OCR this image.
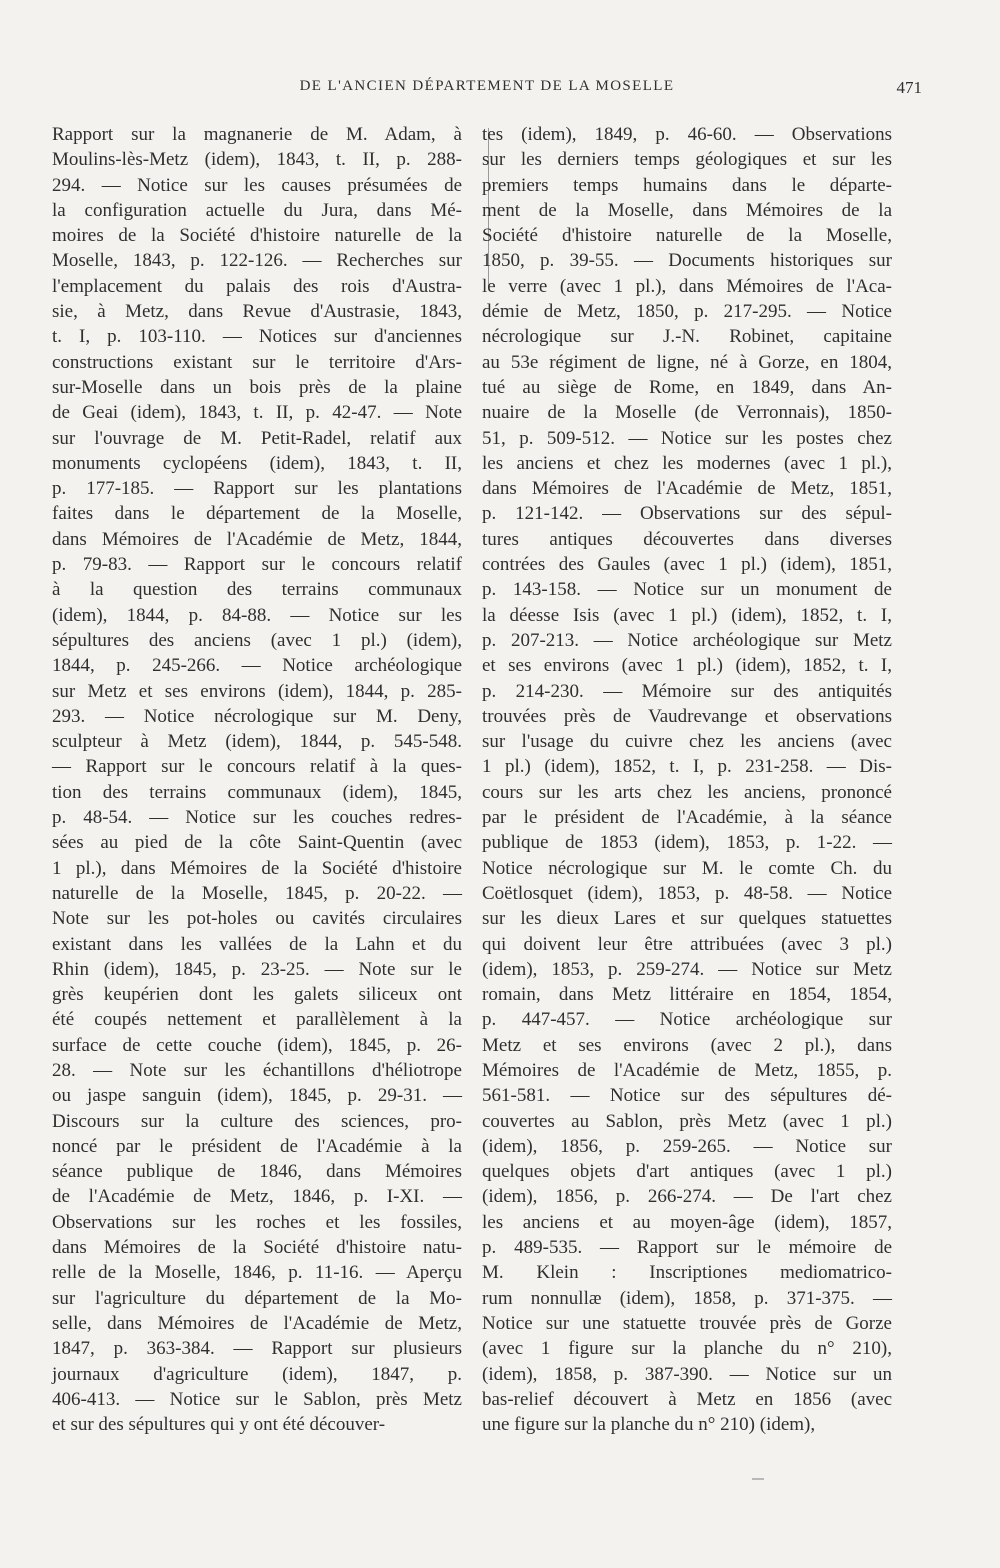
DE L'ANCIEN DÉPARTEMENT DE LA MOSELLE	471
Rapport sur la magnanerie de M. Adam, à
Moulins-lès-Metz (idem), 1843, t. II, p. 288-
294. — Notice sur les causes présumées de
la configuration actuelle du Jura, dans Mé-
moires de la Société d'histoire naturelle de la
Moselle, 1843, p. 122-126. — Recherches sur
l'emplacement du palais des rois d'Austra-
sie, à Metz, dans Revue d'Austrasie, 1843,
t. I, p. 103-110. — Notices sur d'anciennes
constructions existant sur le territoire d'Ars-
sur-Moselle dans un bois près de la plaine
de Geai (idem), 1843, t. II, p. 42-47. — Note
sur l'ouvrage de M. Petit-Radel, relatif aux
monuments cyclopéens (idem), 1843, t. II,
p. 177-185. — Rapport sur les plantations
faites dans le département de la Moselle,
dans Mémoires de l'Académie de Metz, 1844,
p. 79-83. — Rapport sur le concours relatif
à la question des terrains communaux
(idem), 1844, p. 84-88. — Notice sur les
sépultures des anciens (avec 1 pl.) (idem),
1844, p. 245-266. — Notice archéologique
sur Metz et ses environs (idem), 1844, p. 285-
293. — Notice nécrologique sur M. Deny,
sculpteur à Metz (idem), 1844, p. 545-548.
— Rapport sur le concours relatif à la ques-
tion des terrains communaux (idem), 1845,
p. 48-54. — Notice sur les couches redres-
sées au pied de la côte Saint-Quentin (avec
1 pl.), dans Mémoires de la Société d'histoire
naturelle de la Moselle, 1845, p. 20-22. —
Note sur les pot-holes ou cavités circulaires
existant dans les vallées de la Lahn et du
Rhin (idem), 1845, p. 23-25. — Note sur le
grès keupérien dont les galets siliceux ont
été coupés nettement et parallèlement à la
surface de cette couche (idem), 1845, p. 26-
28. — Note sur les échantillons d'héliotrope
ou jaspe sanguin (idem), 1845, p. 29-31. —
Discours sur la culture des sciences, pro-
noncé par le président de l'Académie à la
séance publique de 1846, dans Mémoires
de l'Académie de Metz, 1846, p. I-XI. —
Observations sur les roches et les fossiles,
dans Mémoires de la Société d'histoire natu-
relle de la Moselle, 1846, p. 11-16. — Aperçu
sur l'agriculture du département de la Mo-
selle, dans Mémoires de l'Académie de Metz,
1847, p. 363-384. — Rapport sur plusieurs
journaux d'agriculture (idem), 1847, p.
406-413. — Notice sur le Sablon, près Metz
et sur des sépultures qui y ont été découver-
tes (idem), 1849, p. 46-60. — Observations
sur les derniers temps géologiques et sur les
premiers temps humains dans le départe-
ment de la Moselle, dans Mémoires de la
Société d'histoire naturelle de la Moselle,
1850, p. 39-55. — Documents historiques sur
le verre (avec 1 pl.), dans Mémoires de l'Aca-
démie de Metz, 1850, p. 217-295. — Notice
nécrologique sur J.-N. Robinet, capitaine
au 53e régiment de ligne, né à Gorze, en 1804,
tué au siège de Rome, en 1849, dans An-
nuaire de la Moselle (de Verronnais), 1850-
51, p. 509-512. — Notice sur les postes chez
les anciens et chez les modernes (avec 1 pl.),
dans Mémoires de l'Académie de Metz, 1851,
p. 121-142. — Observations sur des sépul-
tures antiques découvertes dans diverses
contrées des Gaules (avec 1 pl.) (idem), 1851,
p. 143-158. — Notice sur un monument de
la déesse Isis (avec 1 pl.) (idem), 1852, t. I,
p. 207-213. — Notice archéologique sur Metz
et ses environs (avec 1 pl.) (idem), 1852, t. I,
p. 214-230. — Mémoire sur des antiquités
trouvées près de Vaudrevange et observations
sur l'usage du cuivre chez les anciens (avec
1 pl.) (idem), 1852, t. I, p. 231-258. — Dis-
cours sur les arts chez les anciens, prononcé
par le président de l'Académie, à la séance
publique de 1853 (idem), 1853, p. 1-22. —
Notice nécrologique sur M. le comte Ch. du
Coëtlosquet (idem), 1853, p. 48-58. — Notice
sur les dieux Lares et sur quelques statuettes
qui doivent leur être attribuées (avec 3 pl.)
(idem), 1853, p. 259-274. — Notice sur Metz
romain, dans Metz littéraire en 1854, 1854,
p. 447-457. — Notice archéologique sur
Metz et ses environs (avec 2 pl.), dans
Mémoires de l'Académie de Metz, 1855, p.
561-581. — Notice sur des sépultures dé-
couvertes au Sablon, près Metz (avec 1 pl.)
(idem), 1856, p. 259-265. — Notice sur
quelques objets d'art antiques (avec 1 pl.)
(idem), 1856, p. 266-274. — De l'art chez
les anciens et au moyen-âge (idem), 1857,
p. 489-535. — Rapport sur le mémoire de
M. Klein : Inscriptiones mediomatrico-
rum nonnullæ (idem), 1858, p. 371-375. —
Notice sur une statuette trouvée près de Gorze
(avec 1 figure sur la planche du n° 210),
(idem), 1858, p. 387-390. — Notice sur un
bas-relief découvert à Metz en 1856 (avec
une figure sur la planche du n° 210) (idem),
